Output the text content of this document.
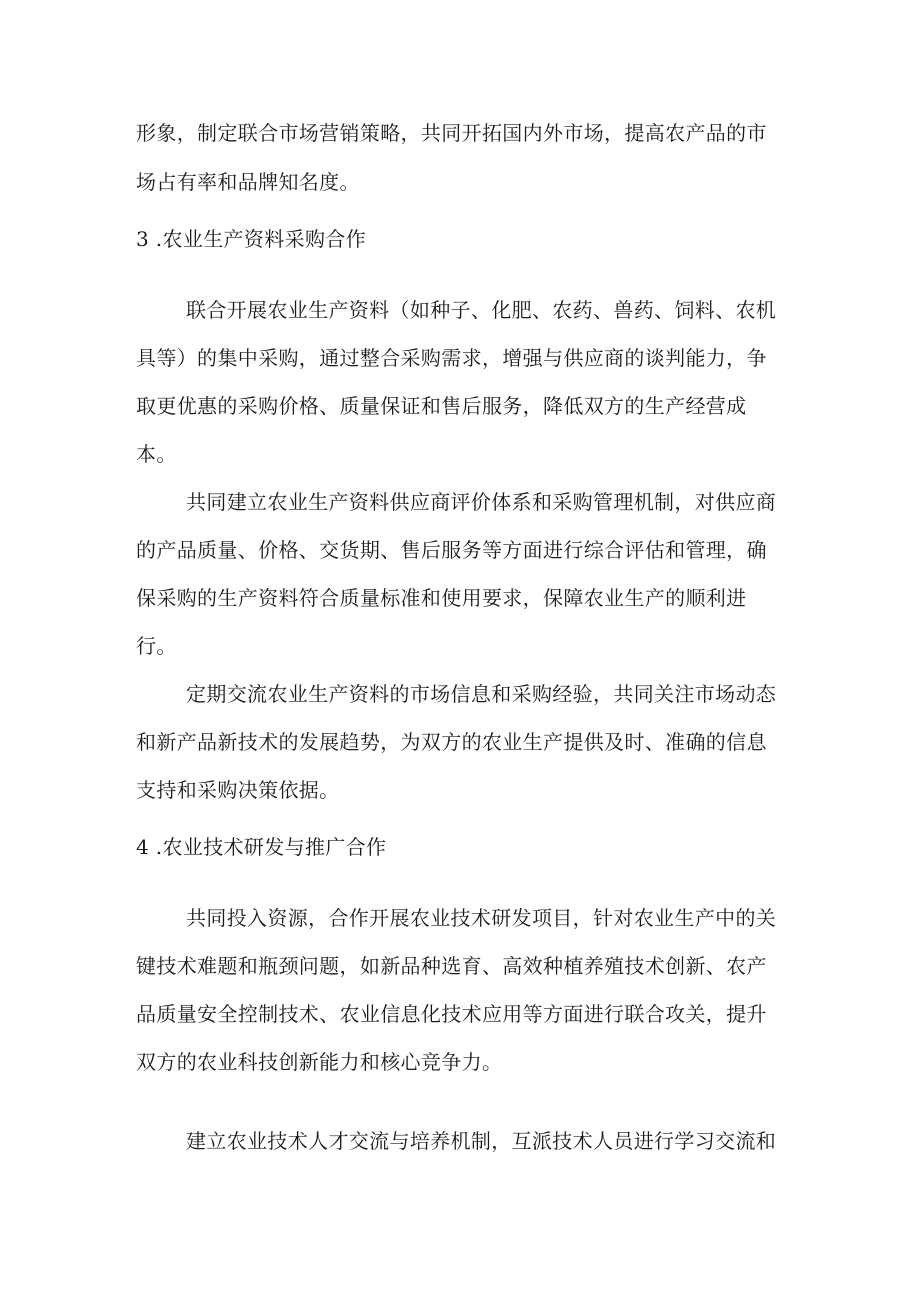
形象，制定联合市场营销策略，共同开拓国内外市场，提高农产品的市
场占有率和品牌知名度。
3 .农业生产资料采购合作
联合开展农业生产资料（如种子、化肥、农药、兽药、饲料、农机
具等）的集中采购，通过整合采购需求，增强与供应商的谈判能力，争
取更优惠的采购价格、质量保证和售后服务，降低双方的生产经营成
本。
共同建立农业生产资料供应商评价体系和采购管理机制，对供应商
的产品质量、价格、交货期、售后服务等方面进行综合评估和管理，确
保采购的生产资料符合质量标准和使用要求，保障农业生产的顺利进
行。
定期交流农业生产资料的市场信息和采购经验，共同关注市场动态
和新产品新技术的发展趋势，为双方的农业生产提供及时、准确的信息
支持和采购决策依据。
4 .农业技术研发与推广合作
共同投入资源，合作开展农业技术研发项目，针对农业生产中的关
键技术难题和瓶颈问题，如新品种选育、高效种植养殖技术创新、农产
品质量安全控制技术、农业信息化技术应用等方面进行联合攻关，提升
双方的农业科技创新能力和核心竞争力。
建立农业技术人才交流与培养机制，互派技术人员进行学习交流和
